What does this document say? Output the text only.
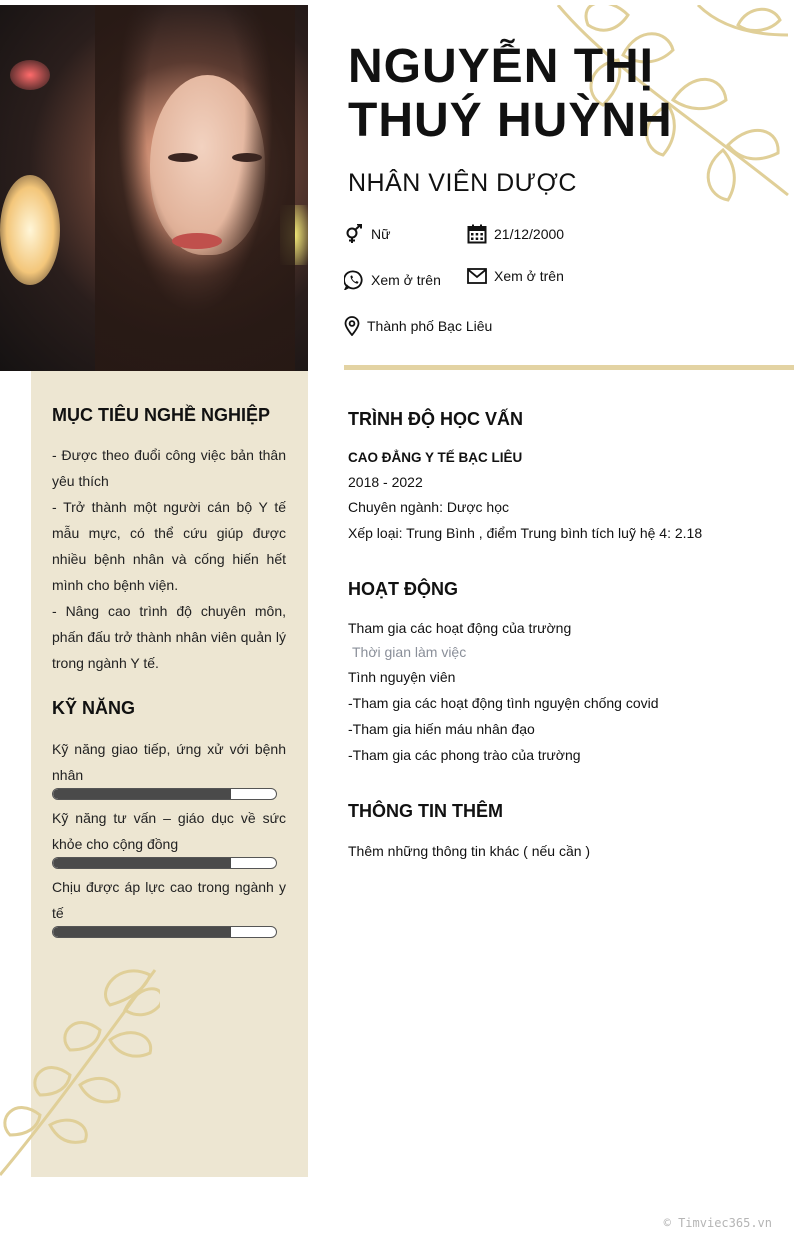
MỤC TIÊU NGHỀ NGHIỆP

- Được theo đuổi công việc bản thân yêu thích
- Trở thành một người cán bộ Y tế mẫu mực, có thể cứu giúp được nhiều bệnh nhân và cống hiến hết mình cho bệnh viện.
- Nâng cao trình độ chuyên môn, phấn đấu trở thành nhân viên quản lý trong ngành Y tế.

KỸ NĂNG

Kỹ năng giao tiếp, ứng xử với bệnh nhân

Kỹ năng tư vấn – giáo dục về sức khỏe cho cộng đồng

Chịu được áp lực cao trong ngành y tế

NGUYỄN THỊ
THUÝ HUỲNH
NHÂN VIÊN DƯỢC
Nữ	21/12/2000
Xem ở trên	Xem ở trên
Thành phố Bạc Liêu
TRÌNH ĐỘ HỌC VẤN
CAO ĐẲNG Y TẾ BẠC LIÊU
2018 - 2022
Chuyên ngành: Dược học
Xếp loại: Trung Bình , điểm Trung bình tích luỹ hệ 4: 2.18
HOẠT ĐỘNG
Tham gia các hoạt động của trường
Thời gian làm việc
Tình nguyện viên
-Tham gia các hoạt động tình nguyện chống covid
-Tham gia hiến máu nhân đạo
-Tham gia các phong trào của trường
THÔNG TIN THÊM
Thêm những thông tin khác ( nếu cần )
© Timviec365.vn
